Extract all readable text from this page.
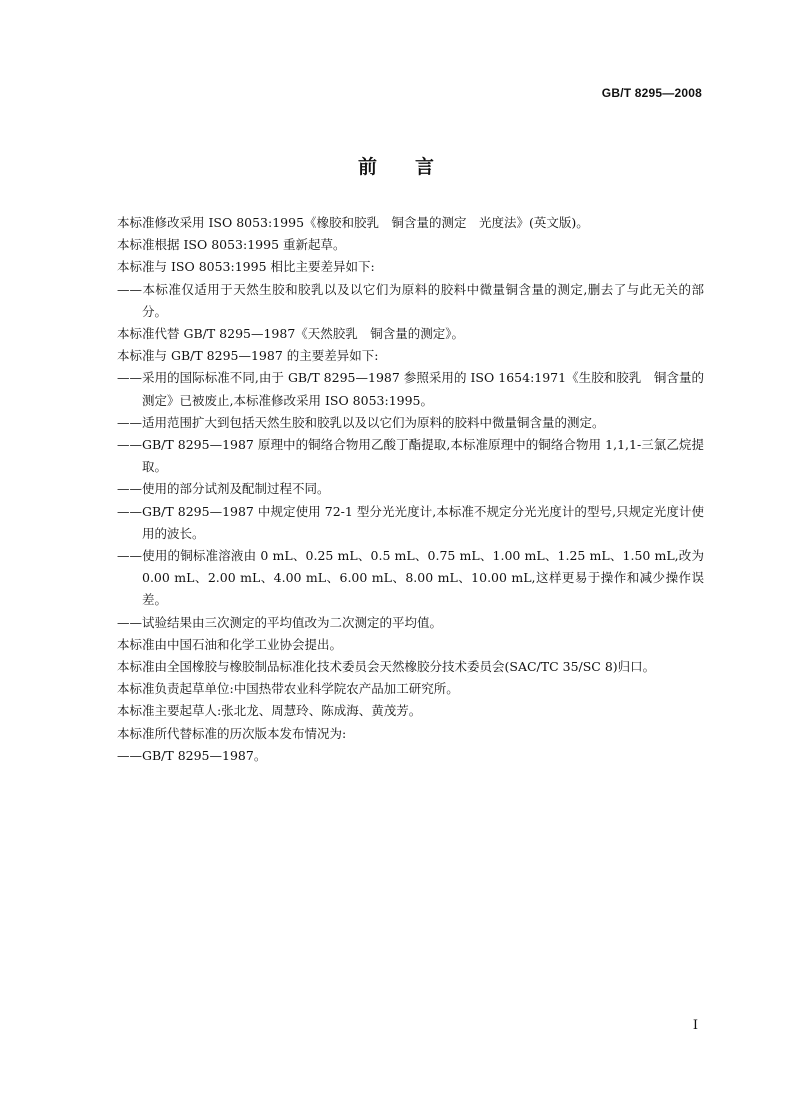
GB/T 8295—2008
前言

本标准修改采用 ISO 8053:1995《橡胶和胶乳　铜含量的测定　光度法》(英文版)。

本标准根据 ISO 8053:1995 重新起草。

本标准与 ISO 8053:1995 相比主要差异如下:

——本标准仅适用于天然生胶和胶乳以及以它们为原料的胶料中微量铜含量的测定,删去了与此无关的部分。

本标准代替 GB/T 8295—1987《天然胶乳　铜含量的测定》。

本标准与 GB/T 8295—1987 的主要差异如下:

——采用的国际标准不同,由于 GB/T 8295—1987 参照采用的 ISO 1654:1971《生胶和胶乳　铜含量的测定》已被废止,本标准修改采用 ISO 8053:1995。

——适用范围扩大到包括天然生胶和胶乳以及以它们为原料的胶料中微量铜含量的测定。

——GB/T 8295—1987 原理中的铜络合物用乙酸丁酯提取,本标准原理中的铜络合物用 1,1,1-三氯乙烷提取。

——使用的部分试剂及配制过程不同。

——GB/T 8295—1987 中规定使用 72-1 型分光光度计,本标准不规定分光光度计的型号,只规定光度计使用的波长。

——使用的铜标准溶液由 0 mL、0.25 mL、0.5 mL、0.75 mL、1.00 mL、1.25 mL、1.50 mL,改为 0.00 mL、2.00 mL、4.00 mL、6.00 mL、8.00 mL、10.00 mL,这样更易于操作和减少操作误差。

——试验结果由三次测定的平均值改为二次测定的平均值。

本标准由中国石油和化学工业协会提出。

本标准由全国橡胶与橡胶制品标准化技术委员会天然橡胶分技术委员会(SAC/TC 35/SC 8)归口。

本标准负责起草单位:中国热带农业科学院农产品加工研究所。

本标准主要起草人:张北龙、周慧玲、陈成海、黄茂芳。

本标准所代替标准的历次版本发布情况为:

——GB/T 8295—1987。

I
